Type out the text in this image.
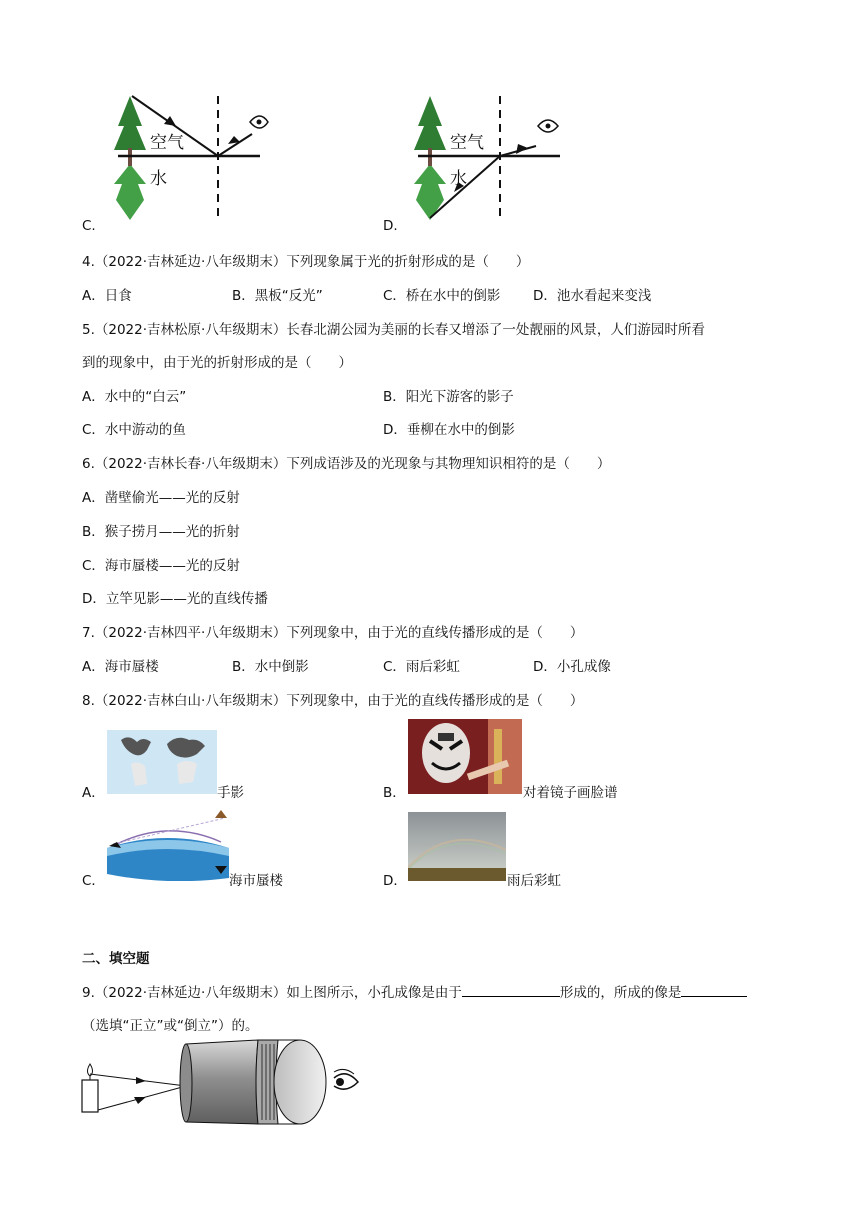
空气
水
空气
水
C.	D.
4.（2022·吉林延边·八年级期末）下列现象属于光的折射形成的是（　　）
A．日食	B．黑板“反光”	C．桥在水中的倒影 D．池水看起来变浅
5.（2022·吉林松原·八年级期末）长春北湖公园为美丽的长春又增添了一处靓丽的风景，人们游园时所看
到的现象中，由于光的折射形成的是（　　）
A．水中的“白云”	B．阳光下游客的影子
C．水中游动的鱼	D．垂柳在水中的倒影
6.（2022·吉林长春·八年级期末）下列成语涉及的光现象与其物理知识相符的是（　　）
A．凿壁偷光——光的反射
B．猴子捞月——光的折射
C．海市蜃楼——光的反射
D．立竿见影——光的直线传播
7.（2022·吉林四平·八年级期末）下列现象中，由于光的直线传播形成的是（　　）
A．海市蜃楼	B．水中倒影	C．雨后彩虹	D．小孔成像
8.（2022·吉林白山·八年级期末）下列现象中，由于光的直线传播形成的是（　　）
A．	手影	B．	对着镜子画脸谱
C．	海市蜃楼	D．	雨后彩虹
二、填空题
9.（2022·吉林延边·八年级期末）如上图所示，小孔成像是由于	形成的，所成的像是
（选填“正立”或“倒立”）的。
